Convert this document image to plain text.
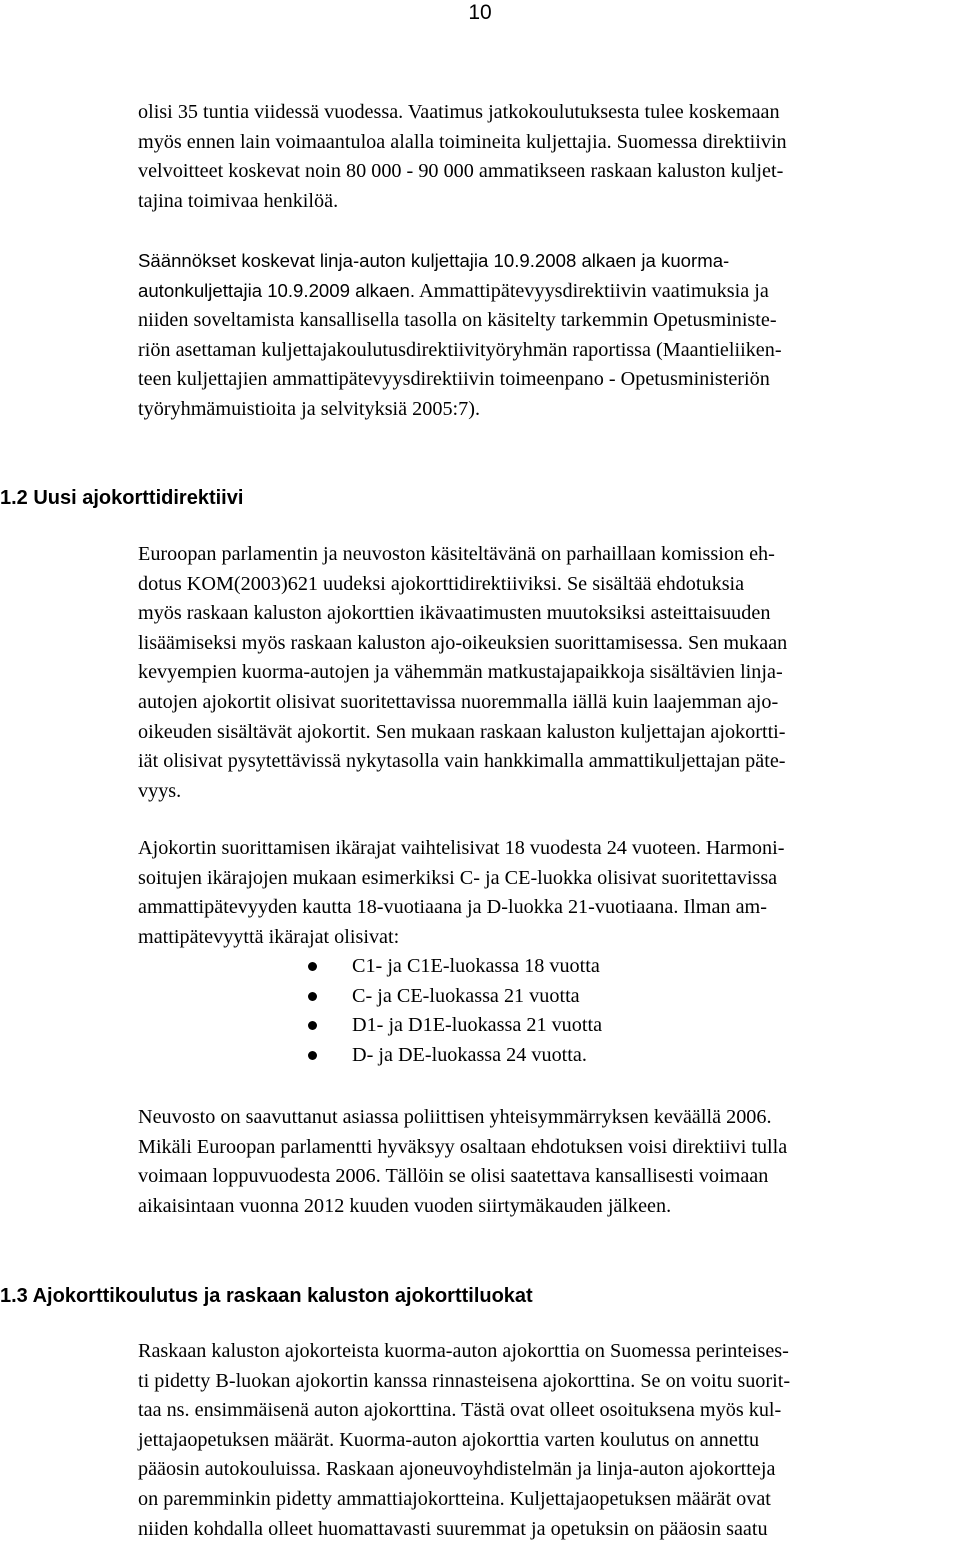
10

olisi 35 tuntia viidessä vuodessa. Vaatimus jatkokoulutuksesta tulee koskemaan
myös ennen lain voimaantuloa alalla toimineita kuljettajia. Suomessa direktiivin
velvoitteet koskevat noin 80 000 - 90 000 ammatikseen raskaan kaluston kuljet-
tajina toimivaa henkilöä.

Säännökset koskevat linja-auton kuljettajia 10.9.2008 alkaen ja kuorma-
autonkuljettajia 10.9.2009 alkaen. Ammattipätevyysdirektiivin vaatimuksia ja
niiden soveltamista kansallisella tasolla on käsitelty tarkemmin Opetusministe-
riön asettaman kuljettajakoulutusdirektiivityöryhmän raportissa (Maantieliiken-
teen kuljettajien ammattipätevyysdirektiivin toimeenpano - Opetusministeriön
työryhmämuistioita ja selvityksiä 2005:7).

1.2 Uusi ajokorttidirektiivi

Euroopan parlamentin ja neuvoston käsiteltävänä on parhaillaan komission eh-
dotus KOM(2003)621 uudeksi ajokorttidirektiiviksi. Se sisältää ehdotuksia
myös raskaan kaluston ajokorttien ikävaatimusten muutoksiksi asteittaisuuden
lisäämiseksi myös raskaan kaluston ajo-oikeuksien suorittamisessa. Sen mukaan
kevyempien kuorma-autojen ja vähemmän matkustajapaikkoja sisältävien linja-
autojen ajokortit olisivat suoritettavissa nuoremmalla iällä kuin laajemman ajo-
oikeuden sisältävät ajokortit. Sen mukaan raskaan kaluston kuljettajan ajokortti-
iät olisivat pysytettävissä nykytasolla vain hankkimalla ammattikuljettajan päte-
vyys.

Ajokortin suorittamisen ikärajat vaihtelisivat 18 vuodesta 24 vuoteen. Harmoni-
soitujen ikärajojen mukaan esimerkiksi C- ja CE-luokka olisivat suoritettavissa
ammattipätevyyden kautta 18-vuotiaana ja D-luokka 21-vuotiaana. Ilman am-
mattipätevyyttä ikärajat olisivat:

C1- ja C1E-luokassa 18 vuotta
C- ja CE-luokassa 21 vuotta
D1- ja D1E-luokassa 21 vuotta
D- ja DE-luokassa 24 vuotta.

Neuvosto on saavuttanut asiassa poliittisen yhteisymmärryksen keväällä 2006.
Mikäli Euroopan parlamentti hyväksyy osaltaan ehdotuksen voisi direktiivi tulla
voimaan loppuvuodesta 2006. Tällöin se olisi saatettava kansallisesti voimaan
aikaisintaan vuonna 2012 kuuden vuoden siirtymäkauden jälkeen.

1.3 Ajokorttikoulutus ja raskaan kaluston ajokorttiluokat

Raskaan kaluston ajokorteista kuorma-auton ajokorttia on Suomessa perinteises-
ti pidetty B-luokan ajokortin kanssa rinnasteisena ajokorttina. Se on voitu suorit-
taa ns. ensimmäisenä auton ajokorttina. Tästä ovat olleet osoituksena myös kul-
jettajaopetuksen määrät. Kuorma-auton ajokorttia varten koulutus on annettu
pääosin autokouluissa. Raskaan ajoneuvoyhdistelmän ja linja-auton ajokortteja
on paremminkin pidetty ammattiajokortteina. Kuljettajaopetuksen määrät ovat
niiden kohdalla olleet huomattavasti suuremmat ja opetuksin on pääosin saatu
